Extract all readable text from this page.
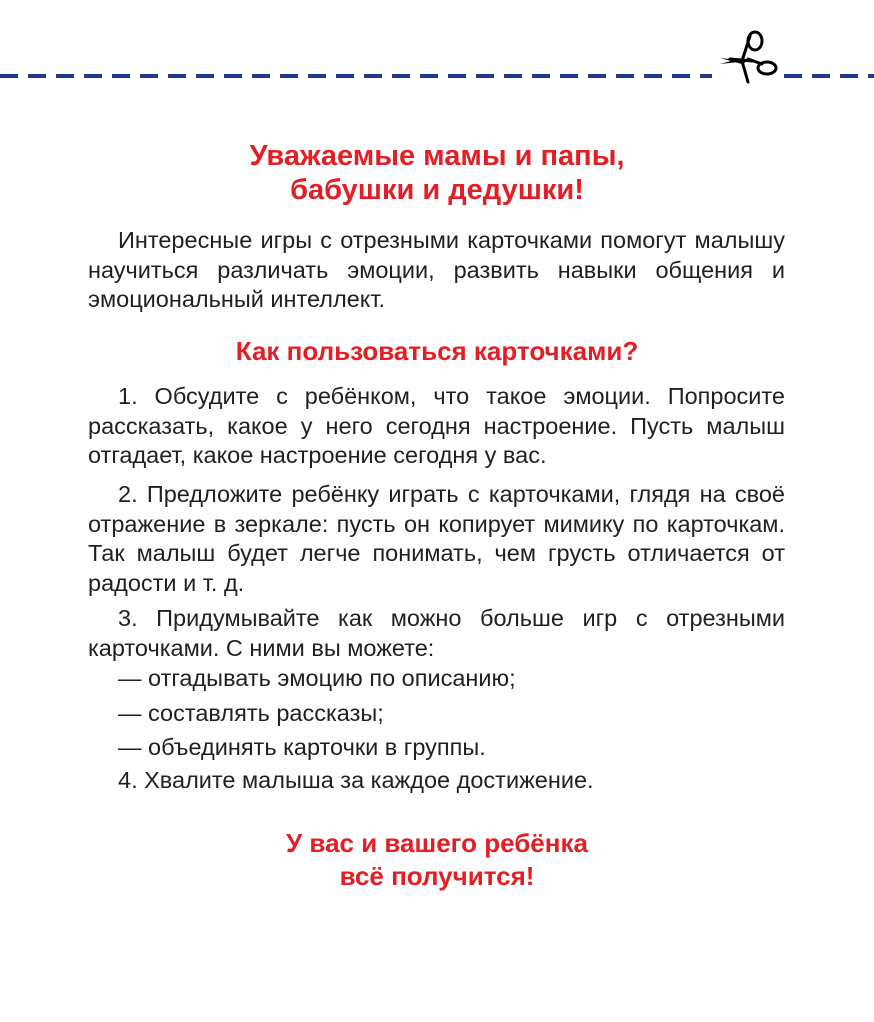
Уважаемые мамы и папы,
бабушки и дедушки!

Интересные игры с отрезными карточками помогут малышу научиться различать эмоции, развить навыки общения и эмоциональный интеллект.

Как пользоваться карточками?

1. Обсудите с ребёнком, что такое эмоции. Попросите рассказать, какое у него сегодня настроение. Пусть малыш отгадает, какое настроение сегодня у вас.

2. Предложите ребёнку играть с карточками, глядя на своё отражение в зеркале: пусть он копирует мимику по карточкам. Так малыш будет легче понимать, чем грусть отличается от радости и т. д.

3. Придумывайте как можно больше игр с отрезными карточками. С ними вы можете:

— отгадывать эмоцию по описанию;

— составлять рассказы;

— объединять карточки в группы.

4. Хвалите малыша за каждое достижение.

У вас и вашего ребёнка
всё получится!
